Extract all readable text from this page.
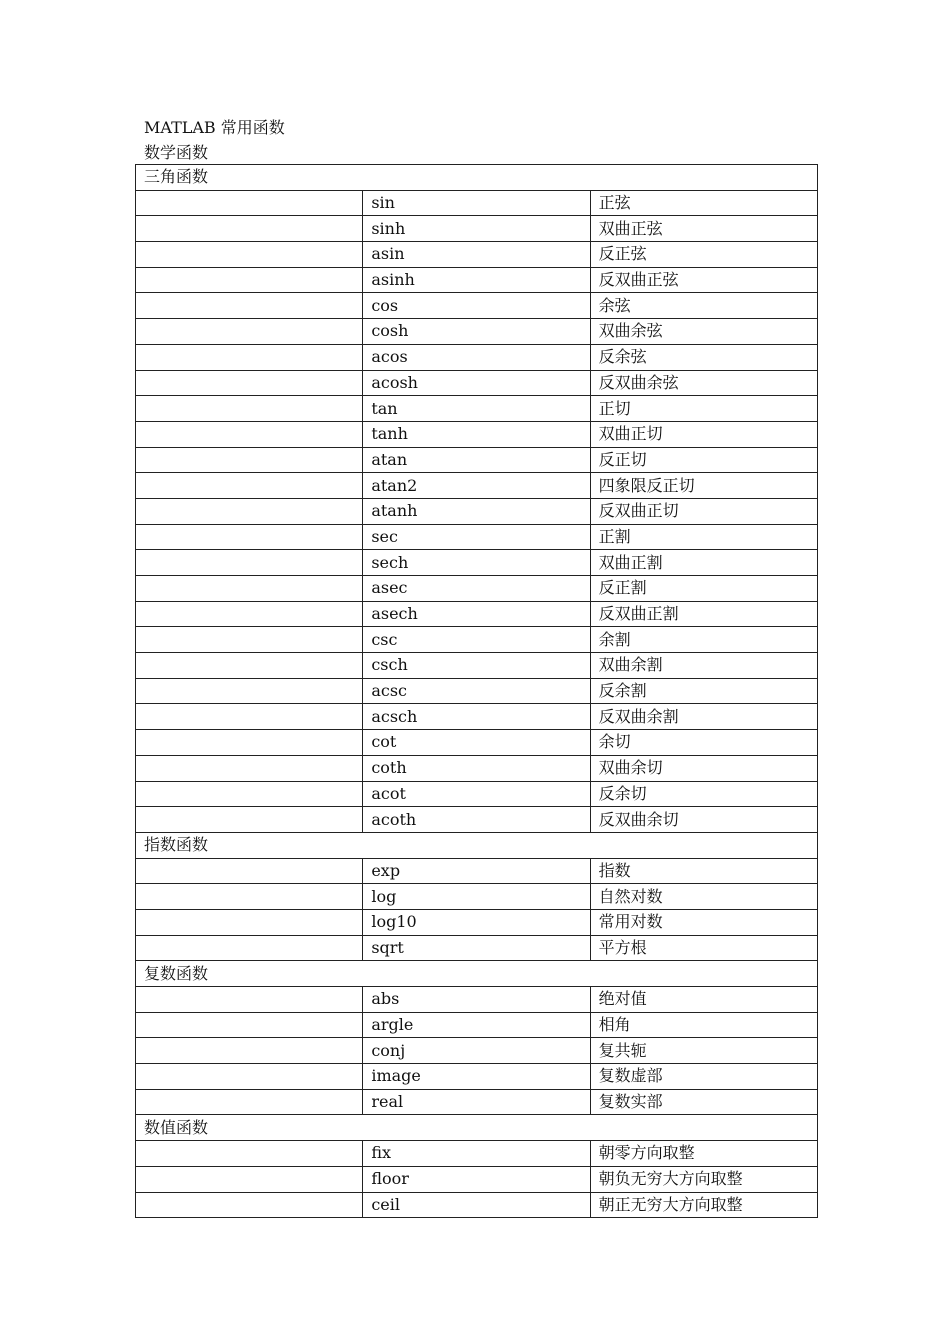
MATLAB 常用函数
数学函数
三角函数		
	sin	正弦
	sinh	双曲正弦
	asin	反正弦
	asinh	反双曲正弦
	cos	余弦
	cosh	双曲余弦
	acos	反余弦
	acosh	反双曲余弦
	tan	正切
	tanh	双曲正切
	atan	反正切
	atan2	四象限反正切
	atanh	反双曲正切
	sec	正割
	sech	双曲正割
	asec	反正割
	asech	反双曲正割
	csc	余割
	csch	双曲余割
	acsc	反余割
	acsch	反双曲余割
	cot	余切
	coth	双曲余切
	acot	反余切
	acoth	反双曲余切
指数函数		
	exp	指数
	log	自然对数
	log10	常用对数
	sqrt	平方根
复数函数		
	abs	绝对值
	argle	相角
	conj	复共轭
	image	复数虚部
	real	复数实部
数值函数		
	fix	朝零方向取整
	floor	朝负无穷大方向取整
	ceil	朝正无穷大方向取整
